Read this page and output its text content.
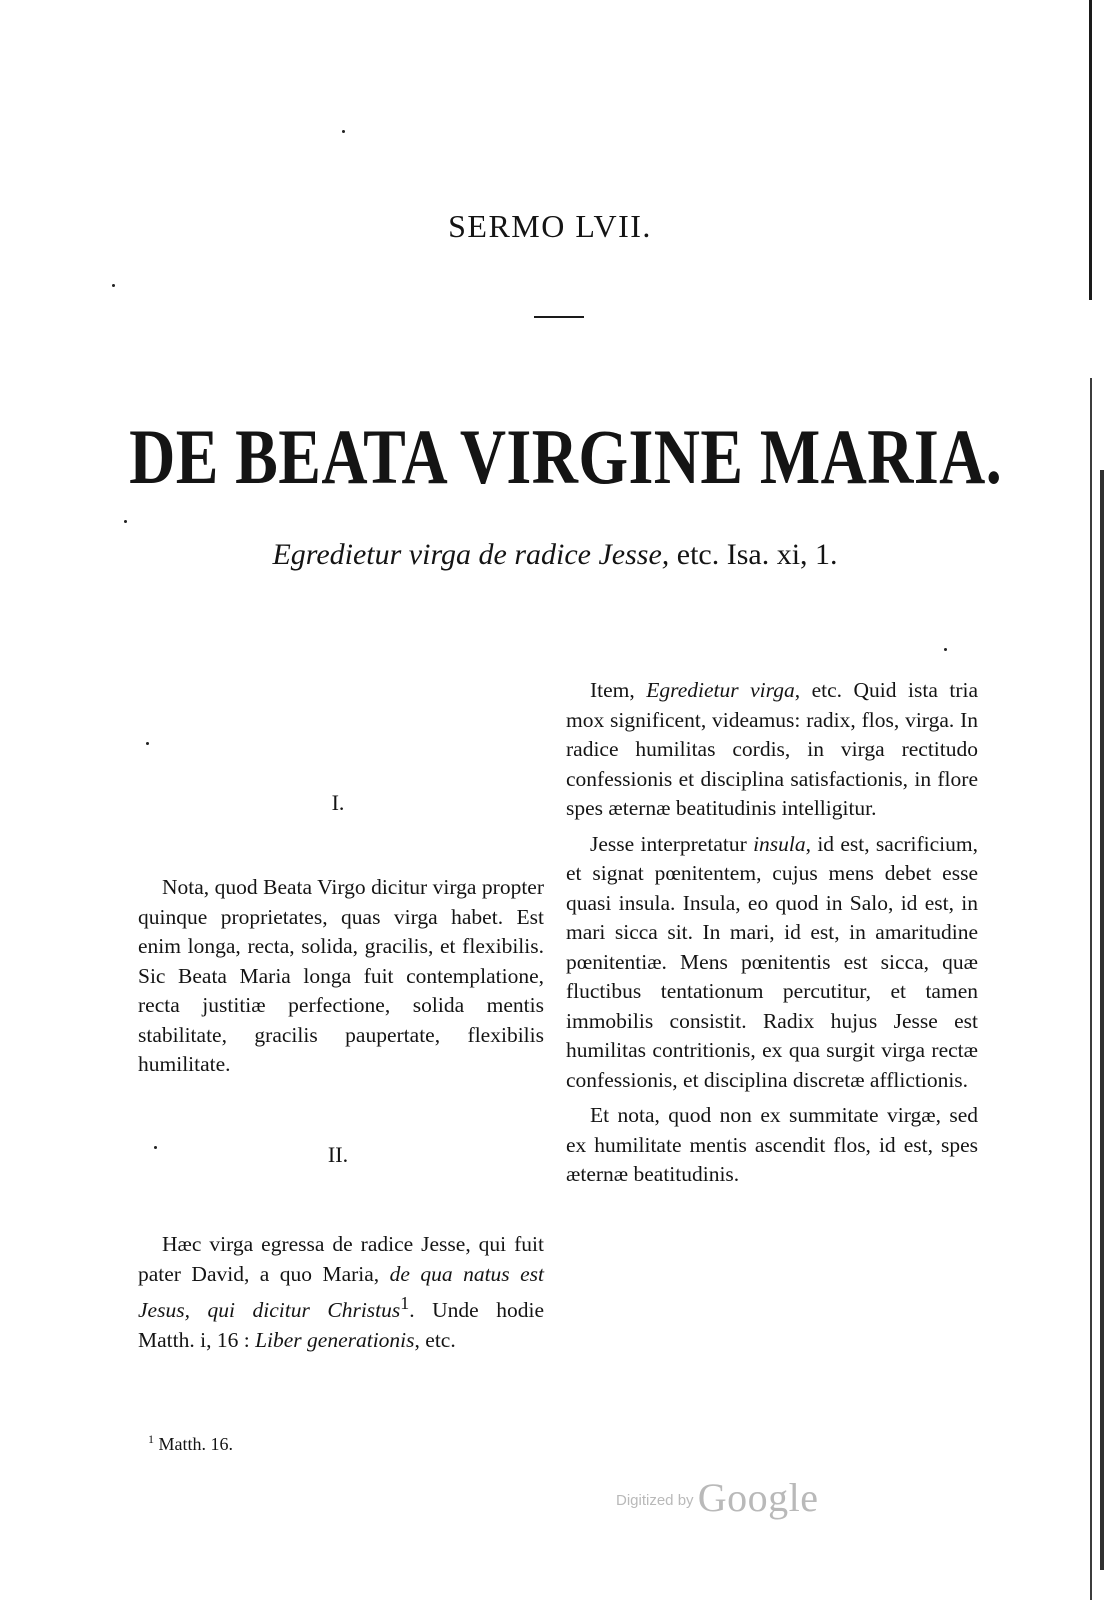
SERMO LVII.
DE BEATA VIRGINE MARIA.
Egredietur virga de radice Jesse, etc. Isa. xi, 1.
I.

Nota, quod Beata Virgo dicitur virga propter quinque proprietates, quas virga habet. Est enim longa, recta, solida, gracilis, et flexibilis. Sic Beata Maria longa fuit contemplatione, recta justitiæ perfectione, solida mentis stabilitate, gracilis paupertate, flexibilis humilitate.

II.

Hæc virga egressa de radice Jesse, qui fuit pater David, a quo Maria, de qua natus est Jesus, qui dicitur Christus$^1$. Unde hodie Matth. i, 16 : Liber generationis, etc.

Item, Egredietur virga, etc. Quid ista tria mox significent, videamus: radix, flos, virga. In radice humilitas cordis, in virga rectitudo confessionis et disciplina satisfactionis, in flore spes æternæ beatitudinis intelligitur.

Jesse interpretatur insula, id est, sacrificium, et signat pœnitentem, cujus mens debet esse quasi insula. Insula, eo quod in Salo, id est, in mari sicca sit. In mari, id est, in amaritudine pœnitentiæ. Mens pœnitentis est sicca, quæ fluctibus tentationum percutitur, et tamen immobilis consistit. Radix hujus Jesse est humilitas contritionis, ex qua surgit virga rectæ confessionis, et disciplina discretæ afflictionis.

Et nota, quod non ex summitate virgæ, sed ex humilitate mentis ascendit flos, id est, spes æternæ beatitudinis.

$^1$ Matth. 16.
Digitized by Google
